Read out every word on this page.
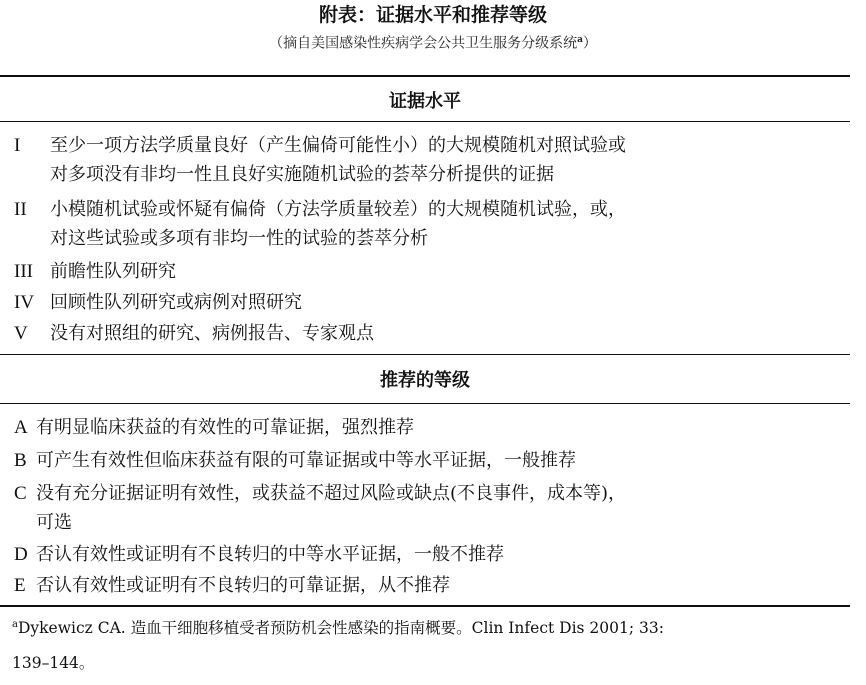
附表：证据水平和推荐等级
（摘自美国感染性疾病学会公共卫生服务分级系统$^a$）
证据水平
I 至少一项方法学质量良好（产生偏倚可能性小）的大规模随机对照试验或
对多项没有非均一性且良好实施随机试验的荟萃分析提供的证据
II 小模随机试验或怀疑有偏倚（方法学质量较差）的大规模随机试验，或，
对这些试验或多项有非均一性的试验的荟萃分析
III 前瞻性队列研究
IV 回顾性队列研究或病例对照研究
V 没有对照组的研究、病例报告、专家观点
推荐的等级
A 有明显临床获益的有效性的可靠证据，强烈推荐
B 可产生有效性但临床获益有限的可靠证据或中等水平证据，一般推荐
C 没有充分证据证明有效性，或获益不超过风险或缺点(不良事件，成本等)，
可选
D 否认有效性或证明有不良转归的中等水平证据，一般不推荐
E 否认有效性或证明有不良转归的可靠证据，从不推荐
$^a$Dykewicz CA. 造血干细胞移植受者预防机会性感染的指南概要。Clin Infect Dis 2001; 33:
139–144。
